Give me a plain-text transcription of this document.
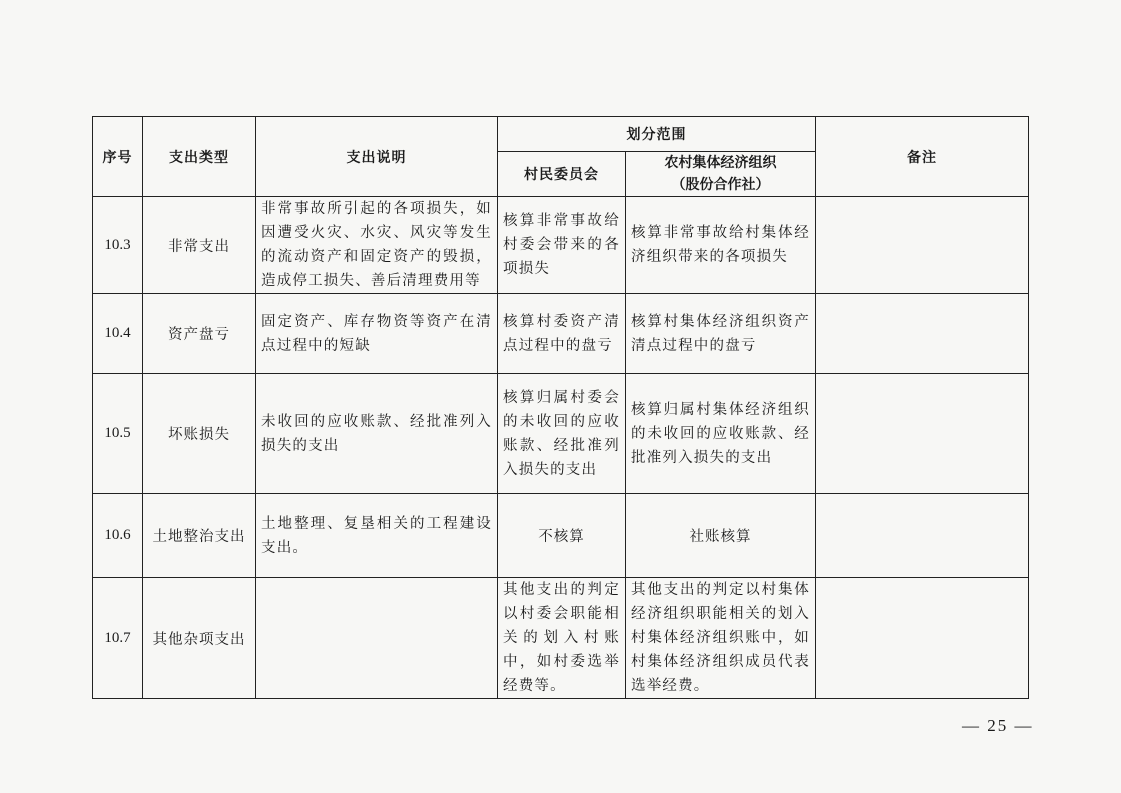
序号	支出类型	支出说明	划分范围		备注
			村民委员会	农村集体经济组织
（股份合作社）	

10.3	非常支出	非常事故所引起的各项损失，如因遭受火灾、水灾、风灾等发生的流动资产和固定资产的毁损，造成停工损失、善后清理费用等	核算非常事故给村委会带来的各项损失	核算非常事故给村集体经济组织带来的各项损失	
10.4	资产盘亏	固定资产、库存物资等资产在清点过程中的短缺	核算村委资产清点过程中的盘亏	核算村集体经济组织资产清点过程中的盘亏	
10.5	坏账损失	未收回的应收账款、经批准列入损失的支出	核算归属村委会的未收回的应收账款、经批准列入损失的支出	核算归属村集体经济组织的未收回的应收账款、经批准列入损失的支出	
10.6	土地整治支出	土地整理、复垦相关的工程建设支出。	不核算	社账核算	
10.7	其他杂项支出		其他支出的判定以村委会职能相关的划入村账中，如村委选举经费等。	其他支出的判定以村集体经济组织职能相关的划入村集体经济组织账中，如村集体经济组织成员代表选举经费。	
— 25 —
